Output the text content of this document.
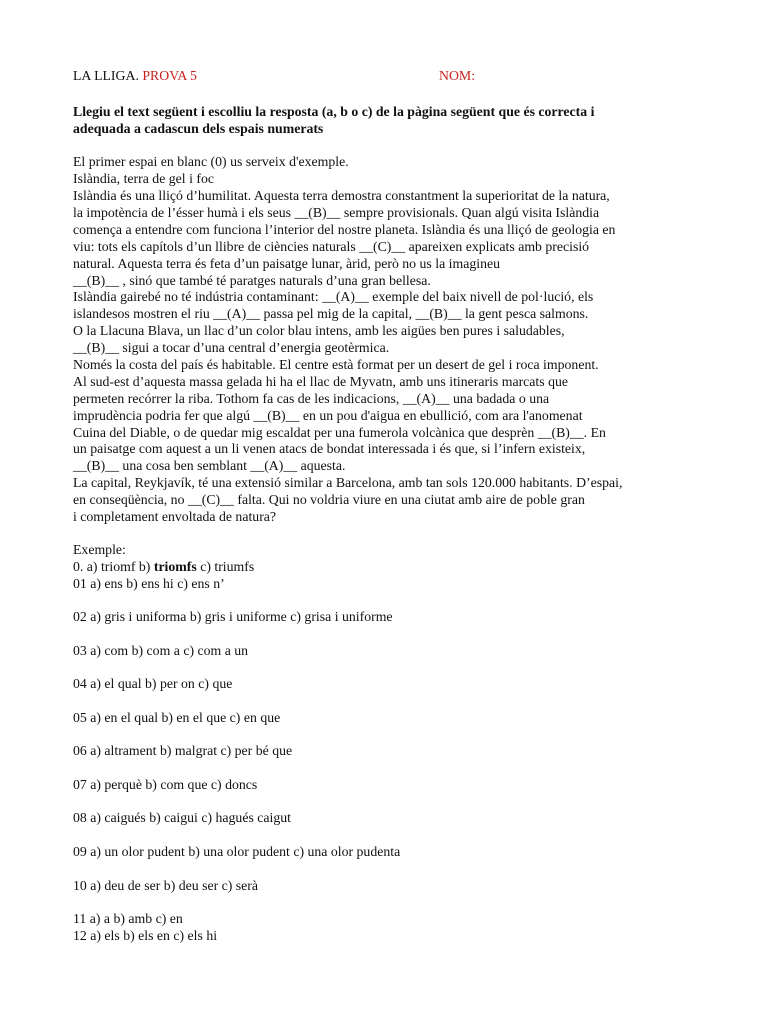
LA LLIGA. PROVA 5	NOM:
Llegiu el text següent i escolliu la resposta (a, b o c) de la pàgina següent que és correcta i
adequada a cadascun dels espais numerats
El primer espai en blanc (0) us serveix d'exemple.
Islàndia, terra de gel i foc
Islàndia és una lliçó d’humilitat. Aquesta terra demostra constantment la superioritat de la natura,
la impotència de l’ésser humà i els seus __(B)__ sempre provisionals. Quan algú visita Islàndia
comença a entendre com funciona l’interior del nostre planeta. Islàndia és una lliçó de geologia en
viu: tots els capítols d’un llibre de ciències naturals __(C)__ apareixen explicats amb precisió
natural. Aquesta terra és feta d’un paisatge lunar, àrid, però no us la imagineu
__(B)__ , sinó que també té paratges naturals d’una gran bellesa.
Islàndia gairebé no té indústria contaminant: __(A)__ exemple del baix nivell de pol·lució, els
islandesos mostren el riu __(A)__ passa pel mig de la capital, __(B)__ la gent pesca salmons.
O la Llacuna Blava, un llac d’un color blau intens, amb les aigües ben pures i saludables,
__(B)__ sigui a tocar d’una central d’energia geotèrmica.
Només la costa del país és habitable. El centre està format per un desert de gel i roca imponent.
Al sud-est d’aquesta massa gelada hi ha el llac de Myvatn, amb uns itineraris marcats que
permeten recórrer la riba. Tothom fa cas de les indicacions, __(A)__ una badada o una
imprudència podria fer que algú __(B)__ en un pou d'aigua en ebullició, com ara l'anomenat
Cuina del Diable, o de quedar mig escaldat per una fumerola volcànica que desprèn __(B)__. En
un paisatge com aquest a un li venen atacs de bondat interessada i és que, si l’infern existeix,
__(B)__ una cosa ben semblant __(A)__ aquesta.
La capital, Reykjavík, té una extensió similar a Barcelona, amb tan sols 120.000 habitants. D’espai,
en conseqüència, no __(C)__ falta. Qui no voldria viure en una ciutat amb aire de poble gran
i completament envoltada de natura?
Exemple:
0. a) triomf b) triomfs c) triumfs
01 a) ens b) ens hi c) ens n’
02 a) gris i uniforma b) gris i uniforme c) grisa i uniforme
03 a) com b) com a c) com a un
04 a) el qual b) per on c) que
05 a) en el qual b) en el que c) en que
06 a) altrament b) malgrat c) per bé que
07 a) perquè b) com que c) doncs
08 a) caigués b) caigui c) hagués caigut
09 a) un olor pudent b) una olor pudent c) una olor pudenta
10 a) deu de ser b) deu ser c) serà
11 a) a b) amb c) en
12 a) els b) els en c) els hi
